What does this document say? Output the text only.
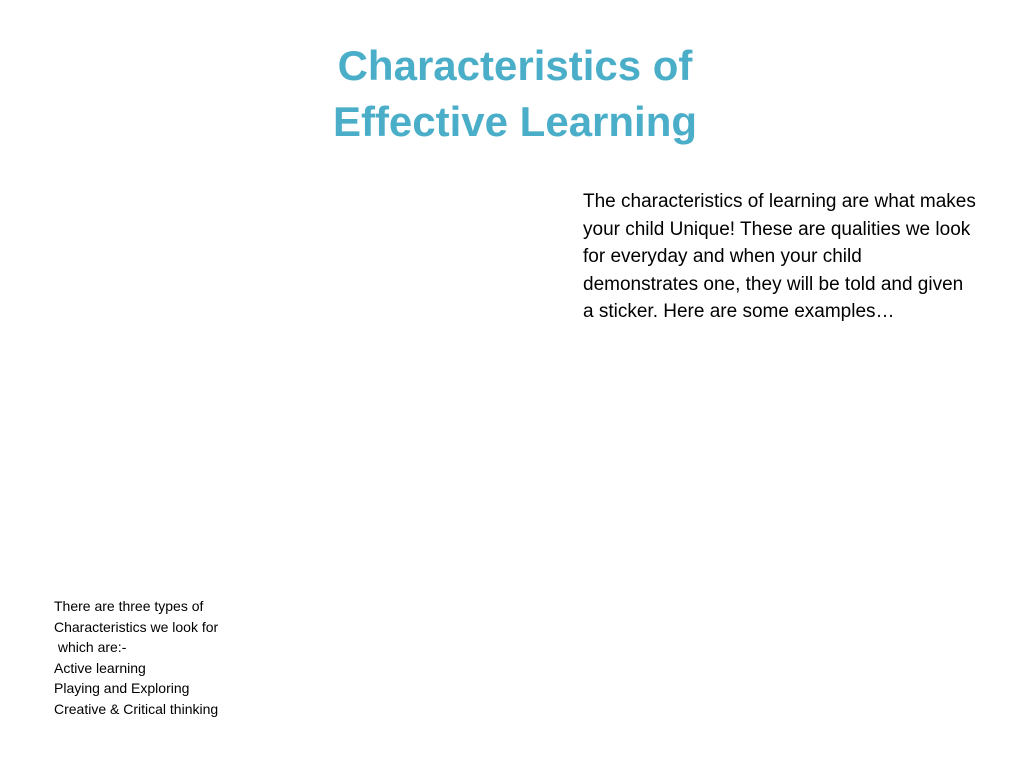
Characteristics of
Effective Learning

The characteristics of learning are what makes your child Unique! These are qualities we look for everyday and when your child demonstrates one, they will be told and given a sticker. Here are some examples…

There are three types of
Characteristics we look for
which are:-
Active learning
Playing and Exploring
Creative & Critical thinking
